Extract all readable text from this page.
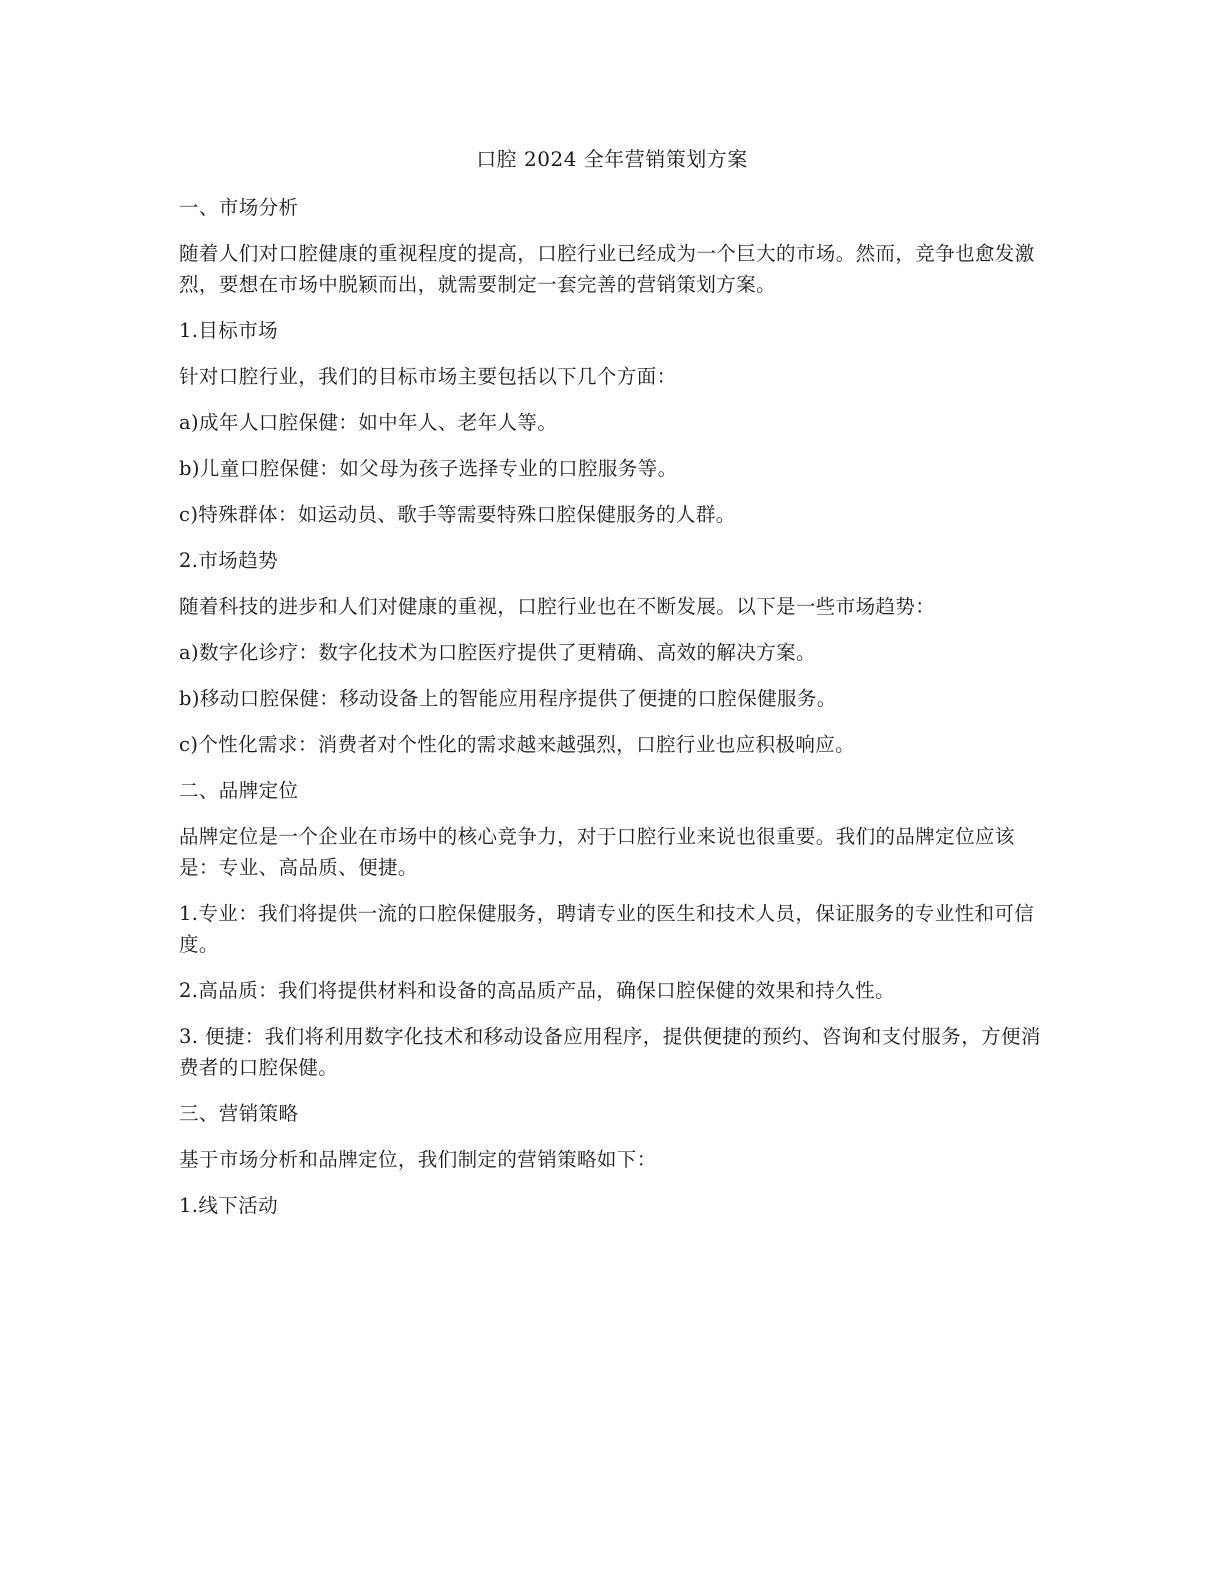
口腔 2024 全年营销策划方案

一、市场分析

随着人们对口腔健康的重视程度的提高，口腔行业已经成为一个巨大的市场。然而，竞争也愈发激烈，要想在市场中脱颖而出，就需要制定一套完善的营销策划方案。

1.目标市场

针对口腔行业，我们的目标市场主要包括以下几个方面：

a)成年人口腔保健：如中年人、老年人等。

b)儿童口腔保健：如父母为孩子选择专业的口腔服务等。

c)特殊群体：如运动员、歌手等需要特殊口腔保健服务的人群。

2.市场趋势

随着科技的进步和人们对健康的重视，口腔行业也在不断发展。以下是一些市场趋势：

a)数字化诊疗：数字化技术为口腔医疗提供了更精确、高效的解决方案。

b)移动口腔保健：移动设备上的智能应用程序提供了便捷的口腔保健服务。

c)个性化需求：消费者对个性化的需求越来越强烈，口腔行业也应积极响应。

二、品牌定位

品牌定位是一个企业在市场中的核心竞争力，对于口腔行业来说也很重要。我们的品牌定位应该是：专业、高品质、便捷。

1.专业：我们将提供一流的口腔保健服务，聘请专业的医生和技术人员，保证服务的专业性和可信度。

2.高品质：我们将提供材料和设备的高品质产品，确保口腔保健的效果和持久性。

3. 便捷：我们将利用数字化技术和移动设备应用程序，提供便捷的预约、咨询和支付服务，方便消费者的口腔保健。

三、营销策略

基于市场分析和品牌定位，我们制定的营销策略如下：

1.线下活动
